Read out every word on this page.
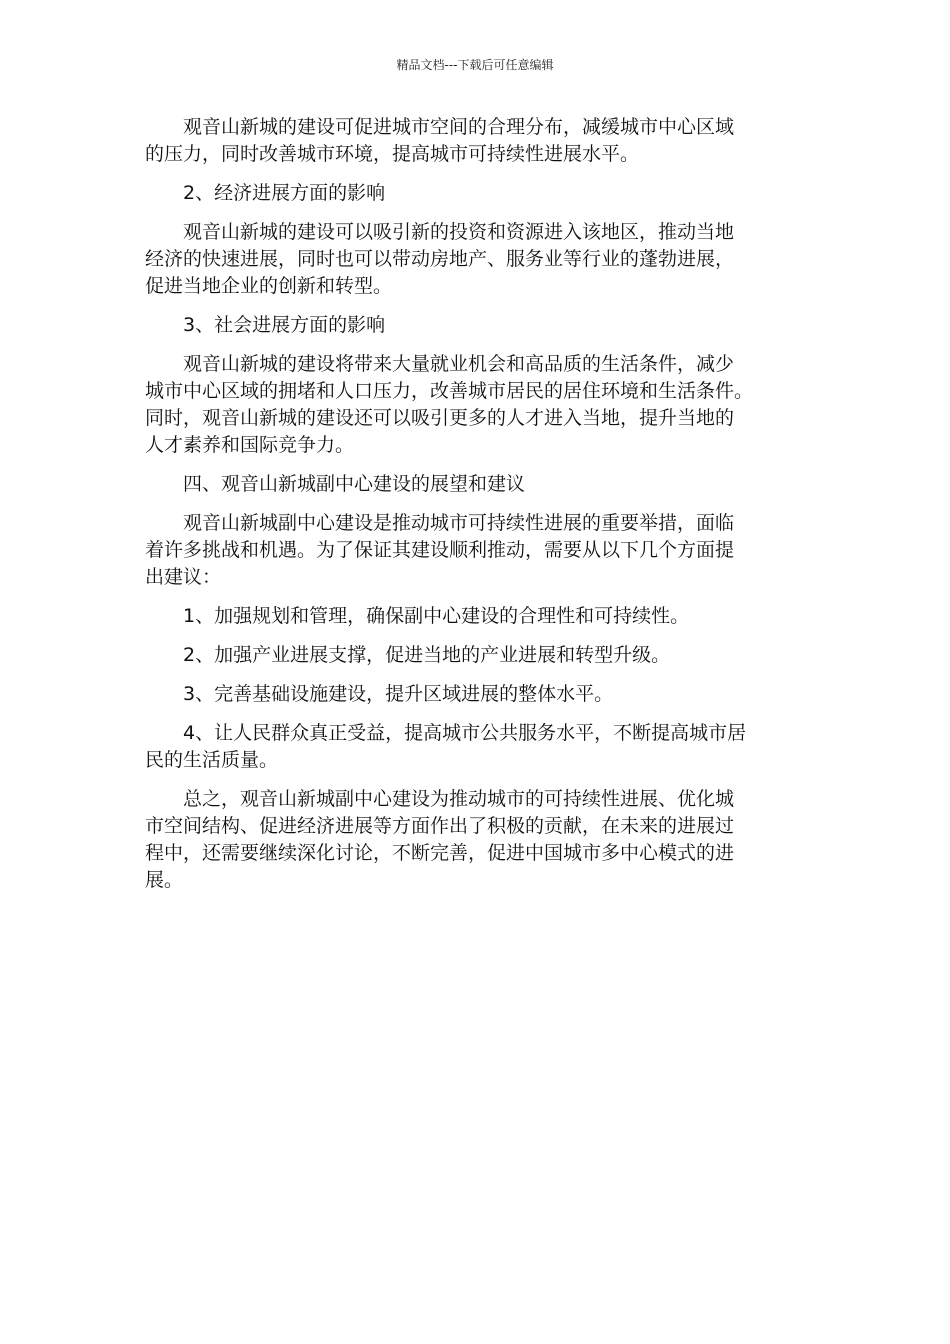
精品文档---下载后可任意编辑

观音山新城的建设可促进城市空间的合理分布，减缓城市中心区域
的压力，同时改善城市环境，提高城市可持续性进展水平。

2、经济进展方面的影响

观音山新城的建设可以吸引新的投资和资源进入该地区，推动当地
经济的快速进展，同时也可以带动房地产、服务业等行业的蓬勃进展，
促进当地企业的创新和转型。

3、社会进展方面的影响

观音山新城的建设将带来大量就业机会和高品质的生活条件，减少
城市中心区域的拥堵和人口压力，改善城市居民的居住环境和生活条件。
同时，观音山新城的建设还可以吸引更多的人才进入当地，提升当地的
人才素养和国际竞争力。

四、观音山新城副中心建设的展望和建议

观音山新城副中心建设是推动城市可持续性进展的重要举措，面临
着许多挑战和机遇。为了保证其建设顺利推动，需要从以下几个方面提
出建议：

1、加强规划和管理，确保副中心建设的合理性和可持续性。

2、加强产业进展支撑，促进当地的产业进展和转型升级。

3、完善基础设施建设，提升区域进展的整体水平。

4、让人民群众真正受益，提高城市公共服务水平，不断提高城市居
民的生活质量。

总之，观音山新城副中心建设为推动城市的可持续性进展、优化城
市空间结构、促进经济进展等方面作出了积极的贡献，在未来的进展过
程中，还需要继续深化讨论，不断完善，促进中国城市多中心模式的进
展。
